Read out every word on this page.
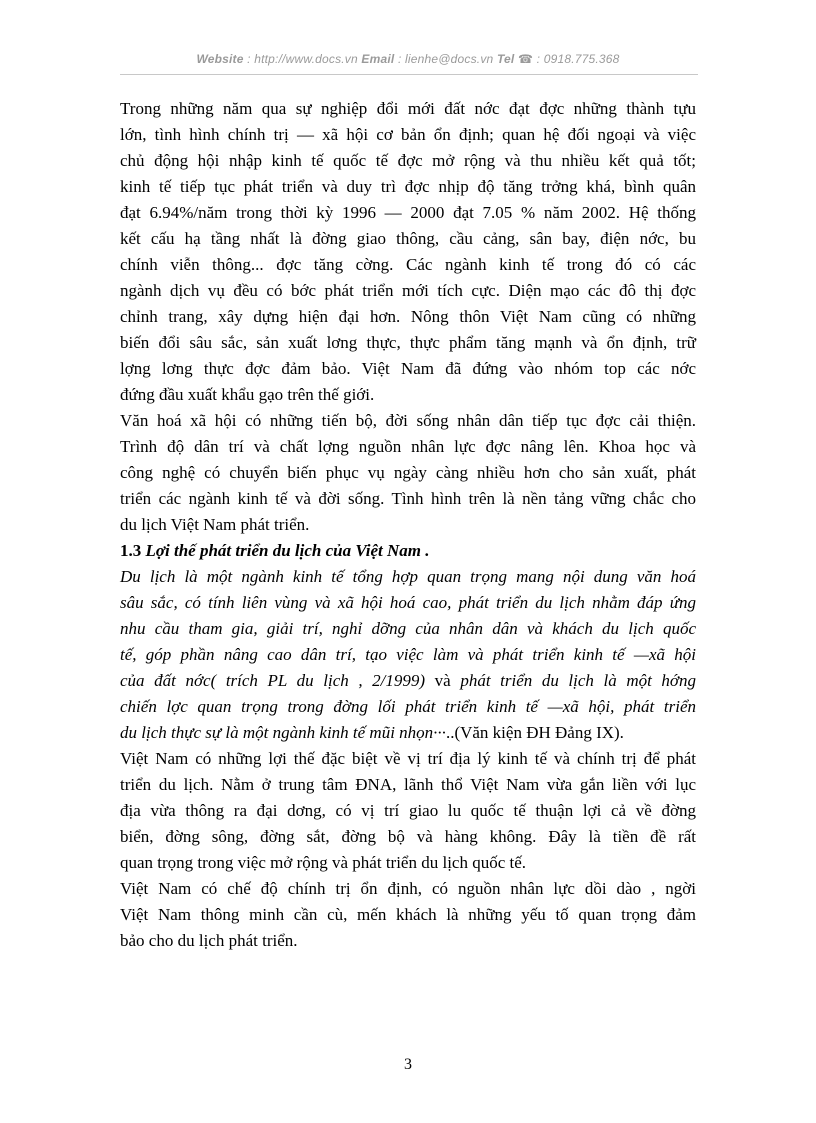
Website : http://www.docs.vn Email : lienhe@docs.vn Tel ☎ : 0918.775.368
Trong những năm qua sự nghiệp đổi mới đất nớc đạt đợc những thành tựu
lớn, tình hình chính trị — xã hội cơ bản ổn định; quan hệ đối ngoại và việc
chủ động hội nhập kinh tế quốc tế đợc mở rộng và thu nhiều kết quả tốt;
kinh tế tiếp tục phát triển và duy trì đợc nhịp độ tăng trởng khá, bình quân
đạt 6.94%/năm trong thời kỳ 1996 — 2000 đạt 7.05 % năm 2002. Hệ thống
kết cấu hạ tầng nhất là đờng giao thông, cầu cảng, sân bay, điện nớc, bu
chính viễn thông... đợc tăng cờng. Các ngành kinh tế trong đó có các
ngành dịch vụ đều có bớc phát triển mới tích cực. Diện mạo các đô thị đợc
chỉnh trang, xây dựng hiện đại hơn. Nông thôn Việt Nam cũng có những
biến đổi sâu sắc, sản xuất lơng thực, thực phẩm tăng mạnh và ổn định, trữ
lợng lơng thực đợc đảm bảo. Việt Nam đã đứng vào nhóm top các nớc
đứng đầu xuất khẩu gạo trên thế giới.
Văn hoá xã hội có những tiến bộ, đời sống nhân dân tiếp tục đợc cải thiện.
Trình độ dân trí và chất lợng nguồn nhân lực đợc nâng lên. Khoa học và
công nghệ có chuyển biến phục vụ ngày càng nhiều hơn cho sản xuất, phát
triển các ngành kinh tế và đời sống. Tình hình trên là nền tảng vững chắc cho
du lịch Việt Nam phát triển.
1.3 Lợi thế phát triển du lịch của Việt Nam .
Du lịch là một ngành kinh tế tổng hợp quan trọng mang nội dung văn hoá
sâu sắc, có tính liên vùng và xã hội hoá cao, phát triển du lịch nhằm đáp ứng
nhu cầu tham gia, giải trí, nghỉ dỡng của nhân dân và khách du lịch quốc
tế, góp phần nâng cao dân trí, tạo việc làm và phát triển kinh tế —xã hội
của đất nớc( trích PL du lịch , 2/1999) và phát triển du lịch là một hớng
chiến lợc quan trọng trong đờng lối phát triển kinh tế —xã hội, phát triển
du lịch thực sự là một ngành kinh tế mũi nhọn···..(Văn kiện ĐH Đảng IX).
Việt Nam có những lợi thế đặc biệt về vị trí địa lý kinh tế và chính trị để phát
triển du lịch. Nằm ở trung tâm ĐNA, lãnh thổ Việt Nam vừa gắn liền với lục
địa vừa thông ra đại dơng, có vị trí giao lu quốc tế thuận lợi cả về đờng
biển, đờng sông, đờng sắt, đờng bộ và hàng không. Đây là tiền đề rất
quan trọng trong việc mở rộng và phát triển du lịch quốc tế.
Việt Nam có chế độ chính trị ổn định, có nguồn nhân lực dồi dào , ngời
Việt Nam thông minh cần cù, mến khách là những yếu tố quan trọng đảm
bảo cho du lịch phát triển.
3
